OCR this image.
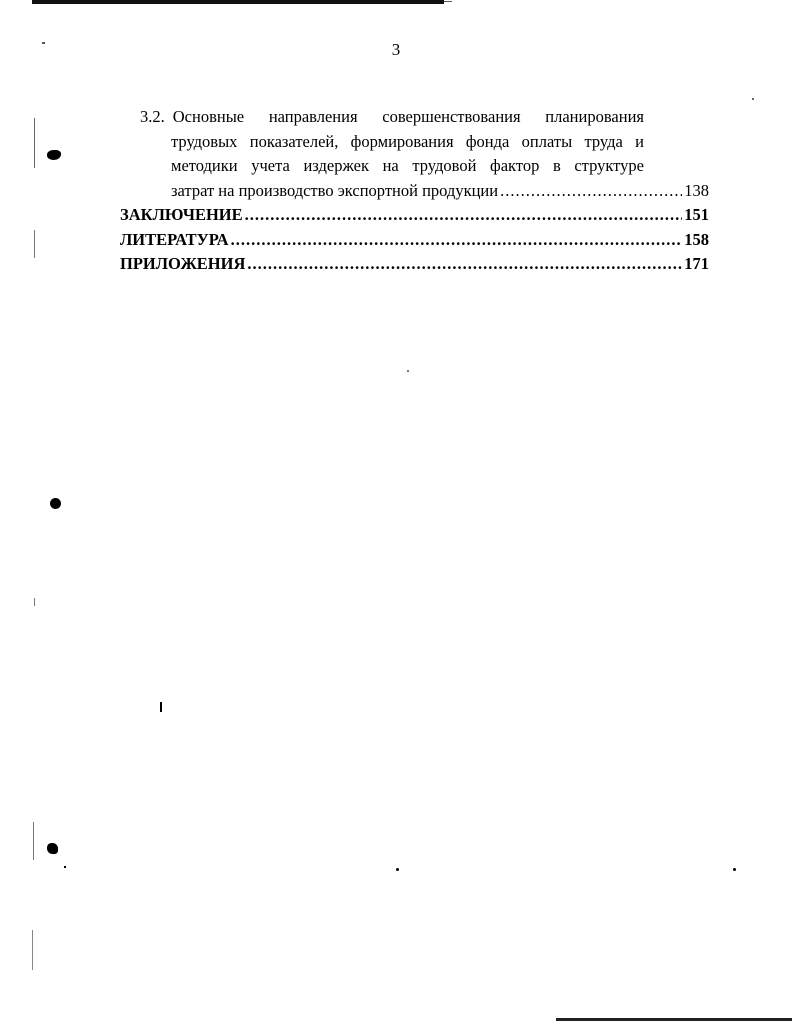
3
3.2. Основные направления совершенствования планирования
трудовых показателей, формирования фонда оплаты труда и
методики учета издержек на трудовой фактор в структуре
затрат на производство экспортной продукции .....	138
ЗАКЛЮЧЕНИЕ .....	151
ЛИТЕРАТУРА .....	158
ПРИЛОЖЕНИЯ .....	171
